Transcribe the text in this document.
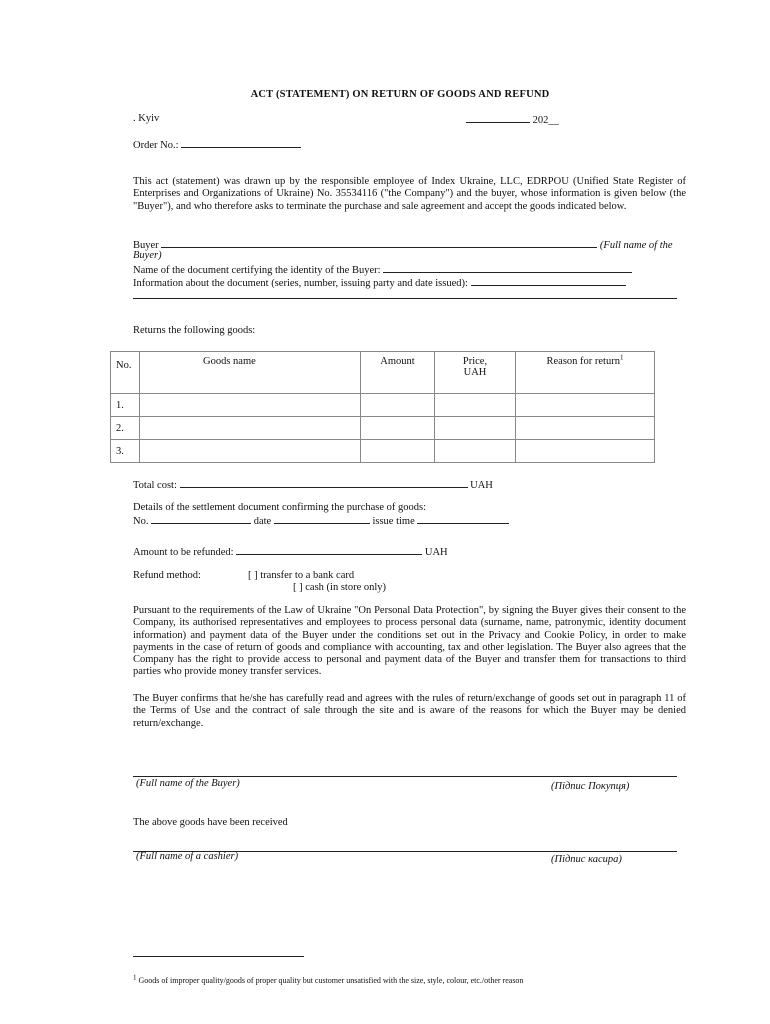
ACT (STATEMENT) ON RETURN OF GOODS AND REFUND
. Kyiv	202__
Order No.:
This act (statement) was drawn up by the responsible employee of Index Ukraine, LLC, EDRPOU (Unified State Register of Enterprises and Organizations of Ukraine) No. 35534116 ("the Company") and the buyer, whose information is given below (the "Buyer"), and who therefore asks to terminate the purchase and sale agreement and accept the goods indicated below.
Buyer	(Full name of the
Buyer)
Name of the document certifying the identity of the Buyer:
Information about the document (series, number, issuing party and date issued):
Returns the following goods:
No.	Goods name	Amount	Price,
UAH	Reason for return$^1$
1.				
2.				
3.				
Total cost:	UAH
Details of the settlement document confirming the purchase of goods:
No.	date	issue time
Amount to be refunded:	UAH
Refund method:	[ ] transfer to a bank card
[ ] cash (in store only)
Pursuant to the requirements of the Law of Ukraine "On Personal Data Protection", by signing the Buyer gives their consent to the Company, its authorised representatives and employees to process personal data (surname, name, patronymic, identity document information) and payment data of the Buyer under the conditions set out in the Privacy and Cookie Policy, in order to make payments in the case of return of goods and compliance with accounting, tax and other legislation. The Buyer also agrees that the Company has the right to provide access to personal and payment data of the Buyer and transfer them for transactions to third parties who provide money transfer services.
The Buyer confirms that he/she has carefully read and agrees with the rules of return/exchange of goods set out in paragraph 11 of the Terms of Use and the contract of sale through the site and is aware of the reasons for which the Buyer may be denied return/exchange.
(Full name of the Buyer)	(Підпис Покупця)
The above goods have been received
(Full name of a cashier)	(Підпис касира)
$^1$ Goods of improper quality/goods of proper quality but customer unsatisfied with the size, style, colour, etc./other reason
